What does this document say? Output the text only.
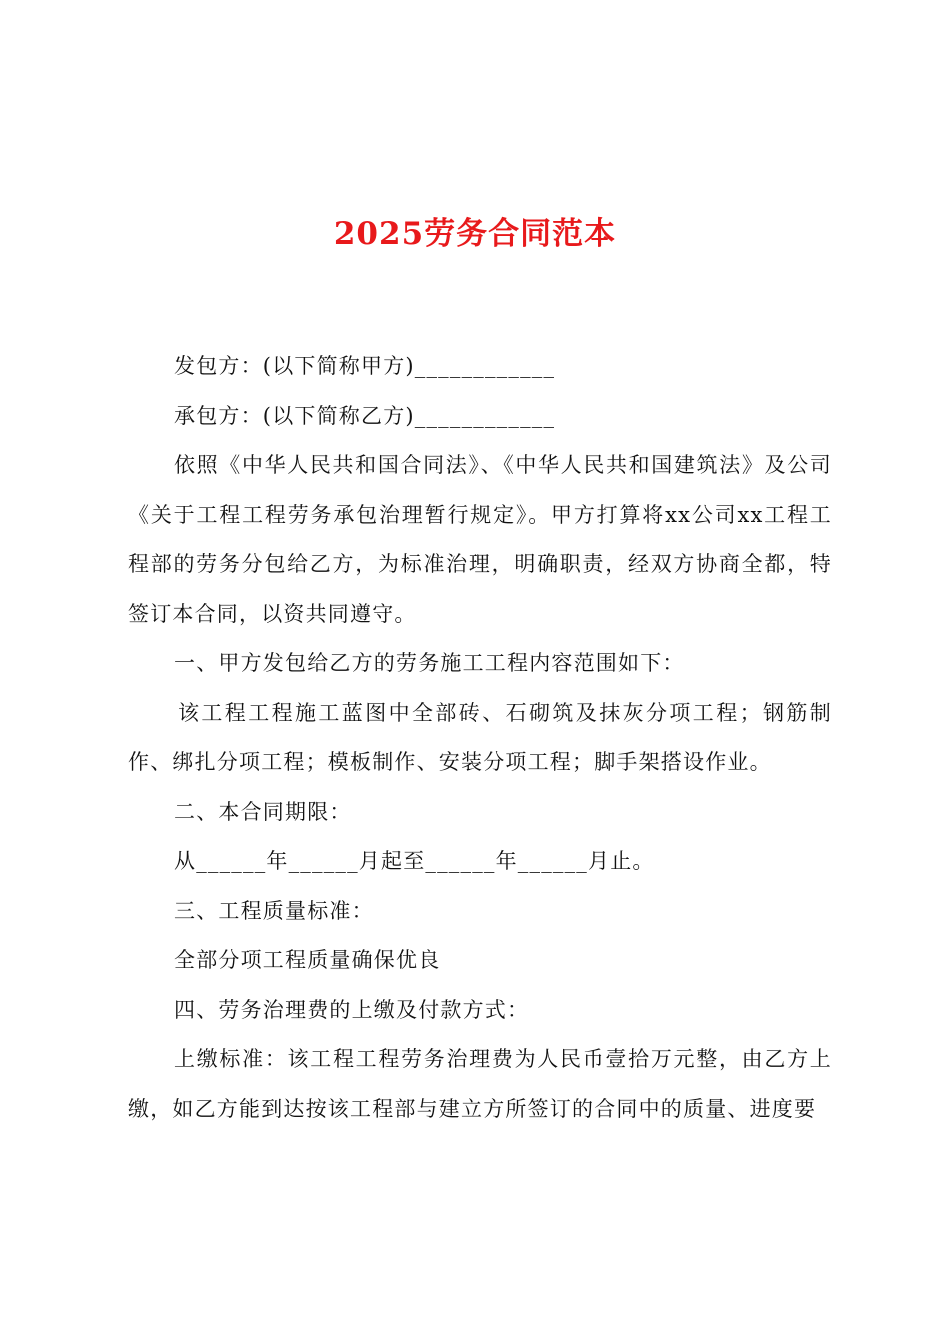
2025劳务合同范本

发包方：(以下简称甲方)____________

承包方：(以下简称乙方)____________

依照《中华人民共和国合同法》、《中华人民共和国建筑法》及公司《关于工程工程劳务承包治理暂行规定》。甲方打算将xx公司xx工程工程部的劳务分包给乙方，为标准治理，明确职责，经双方协商全都，特签订本合同，以资共同遵守。

一、甲方发包给乙方的劳务施工工程内容范围如下：

该工程工程施工蓝图中全部砖、石砌筑及抹灰分项工程；钢筋制作、绑扎分项工程；模板制作、安装分项工程；脚手架搭设作业。

二、本合同期限：

从______年______月起至______年______月止。

三、工程质量标准：

全部分项工程质量确保优良

四、劳务治理费的上缴及付款方式：

上缴标准：该工程工程劳务治理费为人民币壹拾万元整，由乙方上缴，如乙方能到达按该工程部与建立方所签订的合同中的质量、进度要
